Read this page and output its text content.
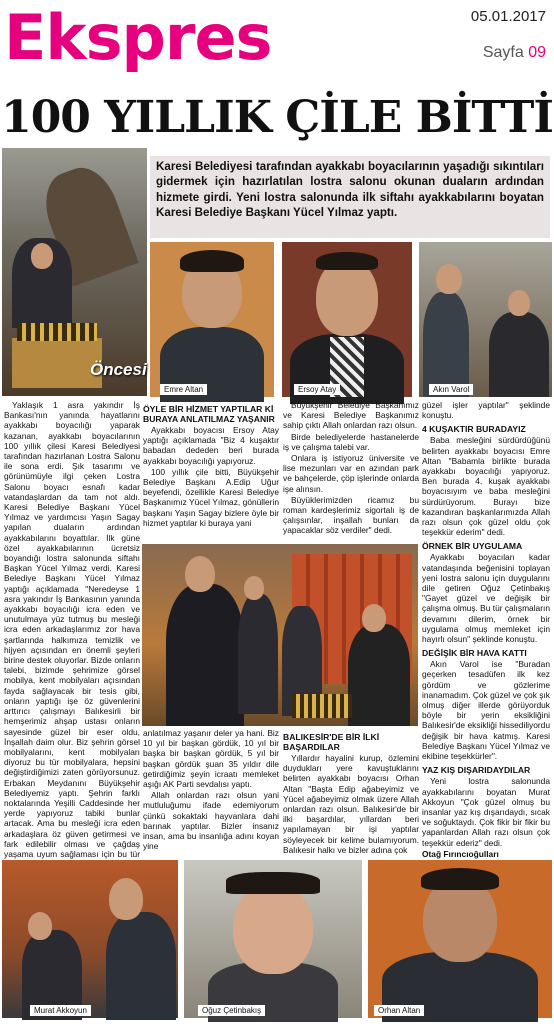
Ekspres	05.01.2017
Sayfa 09
100 YILLIK ÇİLE BİTTİ
Öncesi
Karesi Belediyesi tarafından ayakkabı boyacılarının yaşadığı sıkıntıları gidermek için hazırlatılan lostra salonu okunan duaların ardından hizmete girdi. Yeni lostra salonunda ilk siftahı ayakkabılarını boyatan Karesi Belediye Başkanı Yücel Yılmaz yaptı.
Emre Altan	Ersoy Atay	Akın Varol

Yaklaşık 1 asra yakındır İş Bankası'nın yanında hayatlarını ayakkabı boyacılığı yaparak kazanan, ayakkabı boyacılarının 100 yıllık çilesi Karesi Belediyesi tarafından hazırlanan Lostra Salonu ile sona erdi. Şık tasarımı ve görünümüyle ilgi çeken Lostra Salonu boyacı esnafı kadar vatandaşlardan da tam not aldı. Karesi Belediye Başkanı Yücel Yılmaz ve yardımcısı Yaşın Sagay yapılan duaların ardından ayakkabılarını boyattılar. İlk güne özel ayakkabılarının ücretsiz boyandığı lostra salonunda siftahı Başkan Yücel Yılmaz verdi. Karesi Belediye Başkanı Yücel Yılmaz yaptığı açıklamada "Neredeyse 1 asra yakındır İş Bankasının yanında ayakkabı boyacılığı icra eden ve unutulmaya yüz tutmuş bu mesleği icra eden arkadaşlarımız zor hava şartlarında halkımıza temizlik ve hijyen açısından en önemli şeyleri birine destek oluyorlar. Bizde onların talebi, bizimde şehrimize görsel mobilya, kent mobilyaları açısından fayda sağlayacak bir tesis gibi, onların yaptığı işe öz güvenlerini arttırıcı çalışmayı Balıkesirli bir hemşerimiz ahşap ustası onların sayesinde güzel bir eser oldu, İnşallah daim olur. Biz şehrin görsel mobilyalarını, kent mobilyaları diyoruz bu tür mobilyalara, hepsini değiştirdiğimizi zaten görüyorsunuz. Erbakan Meydanını Büyükşehir Belediyemiz yaptı. Şehrin farklı noktalarında Yeşilli Caddesinde her yerde yapıyoruz tabiki bunlar artacak. Ama bu mesleği icra eden arkadaşlara öz güven getirmesi ve fark edilebilir olması ve çağdaş yaşama uyum sağlaması için bu tür

ÖYLE BİR HİZMET YAPTILAR Kİ BURAYA ANLATILMAZ YAŞANIR

Ayakkabı boyacısı Ersoy Atay yaptığı açıklamada "Biz 4 kuşaktır babadan dededen beri burada ayakkabı boyacılığı yapıyoruz.

100 yıllık çile bitti, Büyükşehir Belediye Başkanı A.Edip Uğur beyefendi, özellikle Karesi Belediye Başkanımız Yücel Yılmaz, gönüllerin başkanı Yaşın Sagay bizlere öyle bir hizmet yaptılar ki buraya yani

Büyükşehir Belediye Başkanımız ve Karesi Belediye Başkanımız sahip çıktı Allah onlardan razı olsun.

Birde belediyelerde hastanelerde iş ve çalışma talebi var.

Onlara iş istiyoruz üniversite ve lise mezunları var en azından park ve bahçelerde, çöp işlerinde onlarda işe alınsın.

Büyüklerimizden ricamız bu roman kardeşlerimiz sigortalı iş de çalışsınlar, inşallah bunları da yapacaklar söz verdiler" dedi.

güzel işler yaptılar" şeklinde konuştu.

4 KUŞAKTIR BURADAYIZ

Baba mesleğini sürdürdüğünü belirten ayakkabı boyacısı Emre Altan "Babamla birlikte burada ayakkabı boyacılığı yapıyoruz. Ben burada 4. kuşak ayakkabı boyacısıyım ve baba mesleğini sürdürüyorum. Burayı bize kazandıran başkanlarımızda Allah razı olsun çok güzel oldu çok teşekkür ederim" dedi.

ÖRNEK BİR UYGULAMA

Ayakkabı boyacıları kadar vatandaşında beğenisini toplayan yeni lostra salonu için duygularını dile getiren Oğuz Çetinbakış "Gayet güzel ve değişik bir çalışma olmuş. Bu tür çalışmaların devamını dilerim, örnek bir uygulama olmuş memleket için hayırlı olsun" şeklinde konuştu.

DEĞİŞİK BİR HAVA KATTI

Akın Varol ise "Buradan geçerken tesadüfen ilk kez gördüm ve gözlerime inanamadım. Çok güzel ve çok şık olmuş diğer illerde görüyorduk böyle bir yerin eksikliğini Balıkesir'de eksikliği hissediliyordu değişik bir hava katmış. Karesi Belediye Başkanı Yücel Yılmaz ve ekibine teşekkürler".

YAZ KIŞ DIŞARIDAYDILAR

Yeni lostra salonunda ayakkabılarını boyatan Murat Akkoyun "Çok güzel olmuş bu insanlar yaz kış dışarıdaydı, sıcak ve soğuktaydı. Çok fikir bir fikir bu yapanlardan Allah razı olsun çok teşekkür ederiz" dedi.

Otağ Fırıncıoğulları

anlatılmaz yaşanır deler ya hani. Biz 10 yıl bir başkan gördük, 10 yıl bir başka bir başkan gördük, 5 yıl bir başkan gördük şuan 35 yıldır dile getirdiğimiz şeyin icraatı memleket aşığı AK Parti sevdalısı yaptı.

Allah onlardan razı olsun yani mutluluğumu ifade edemiyorum çünkü sokaktaki hayvanlara dahi barınak yaptılar. Bizler insanız insan, ama bu insanlığa adını koyan yine

BALIKESİR'DE BİR İLKİ BAŞARDILAR

Yıllardır hayalini kurup, özlemini duydukları yere kavuştuklarını belirten ayakkabı boyacısı Orhan Altan "Başta Edip ağabeyimiz ve Yücel ağabeyimiz olmak üzere Allah onlardan razı olsun. Balıkesir'de bir ilki başardılar, yıllardan beri yapılamayan bir işi yaptılar söyleyecek bir kelime bulamıyorum. Balıkesir halkı ve bizler adına çok

Murat Akkoyun	Oğuz Çetinbakış	Orhan Altan
